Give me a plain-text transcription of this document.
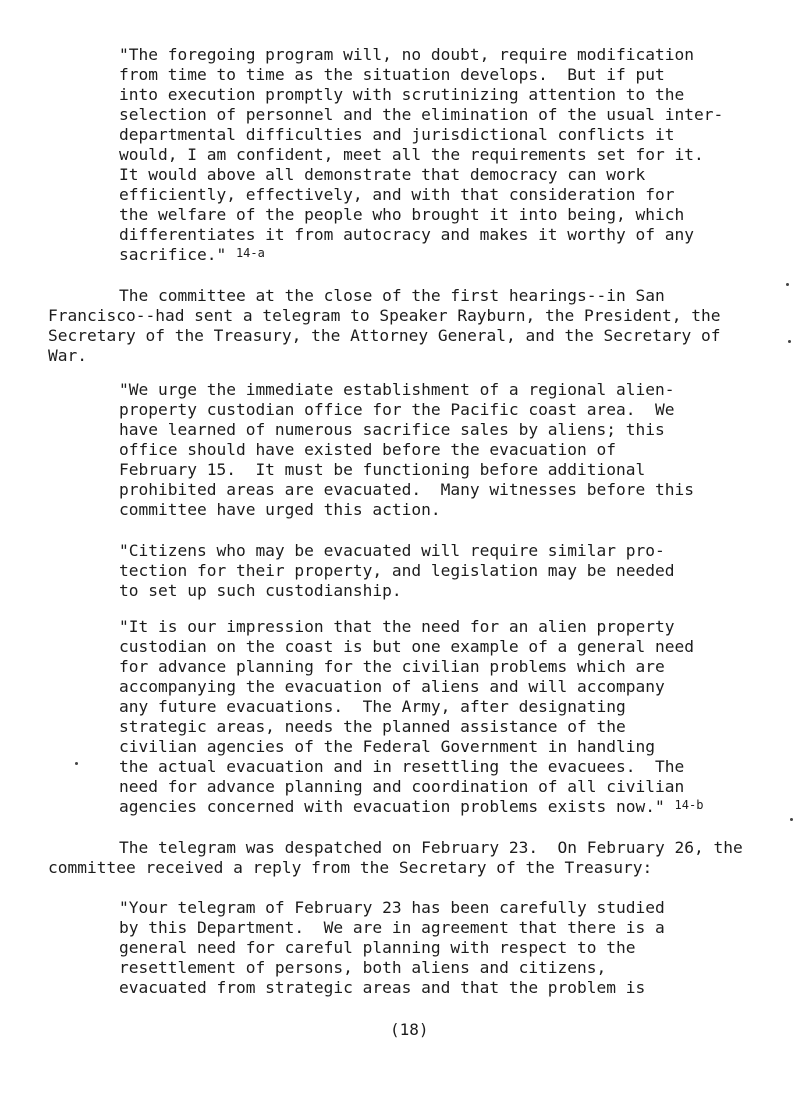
"The foregoing program will, no doubt, require modification
from time to time as the situation develops.  But if put
into execution promptly with scrutinizing attention to the
selection of personnel and the elimination of the usual inter-
departmental difficulties and jurisdictional conflicts it
would, I am confident, meet all the requirements set for it.
It would above all demonstrate that democracy can work
efficiently, effectively, and with that consideration for
the welfare of the people who brought it into being, which
differentiates it from autocracy and makes it worthy of any
sacrifice." 14-a
The committee at the close of the first hearings--in San
Francisco--had sent a telegram to Speaker Rayburn, the President, the
Secretary of the Treasury, the Attorney General, and the Secretary of
War.
"We urge the immediate establishment of a regional alien-
property custodian office for the Pacific coast area.  We
have learned of numerous sacrifice sales by aliens; this
office should have existed before the evacuation of
February 15.  It must be functioning before additional
prohibited areas are evacuated.  Many witnesses before this
committee have urged this action.
"Citizens who may be evacuated will require similar pro-
tection for their property, and legislation may be needed
to set up such custodianship.
"It is our impression that the need for an alien property
custodian on the coast is but one example of a general need
for advance planning for the civilian problems which are
accompanying the evacuation of aliens and will accompany
any future evacuations.  The Army, after designating
strategic areas, needs the planned assistance of the
civilian agencies of the Federal Government in handling
the actual evacuation and in resettling the evacuees.  The
need for advance planning and coordination of all civilian
agencies concerned with evacuation problems exists now." 14-b
The telegram was despatched on February 23.  On February 26, the
committee received a reply from the Secretary of the Treasury:
"Your telegram of February 23 has been carefully studied
by this Department.  We are in agreement that there is a
general need for careful planning with respect to the
resettlement of persons, both aliens and citizens,
evacuated from strategic areas and that the problem is
(18)
